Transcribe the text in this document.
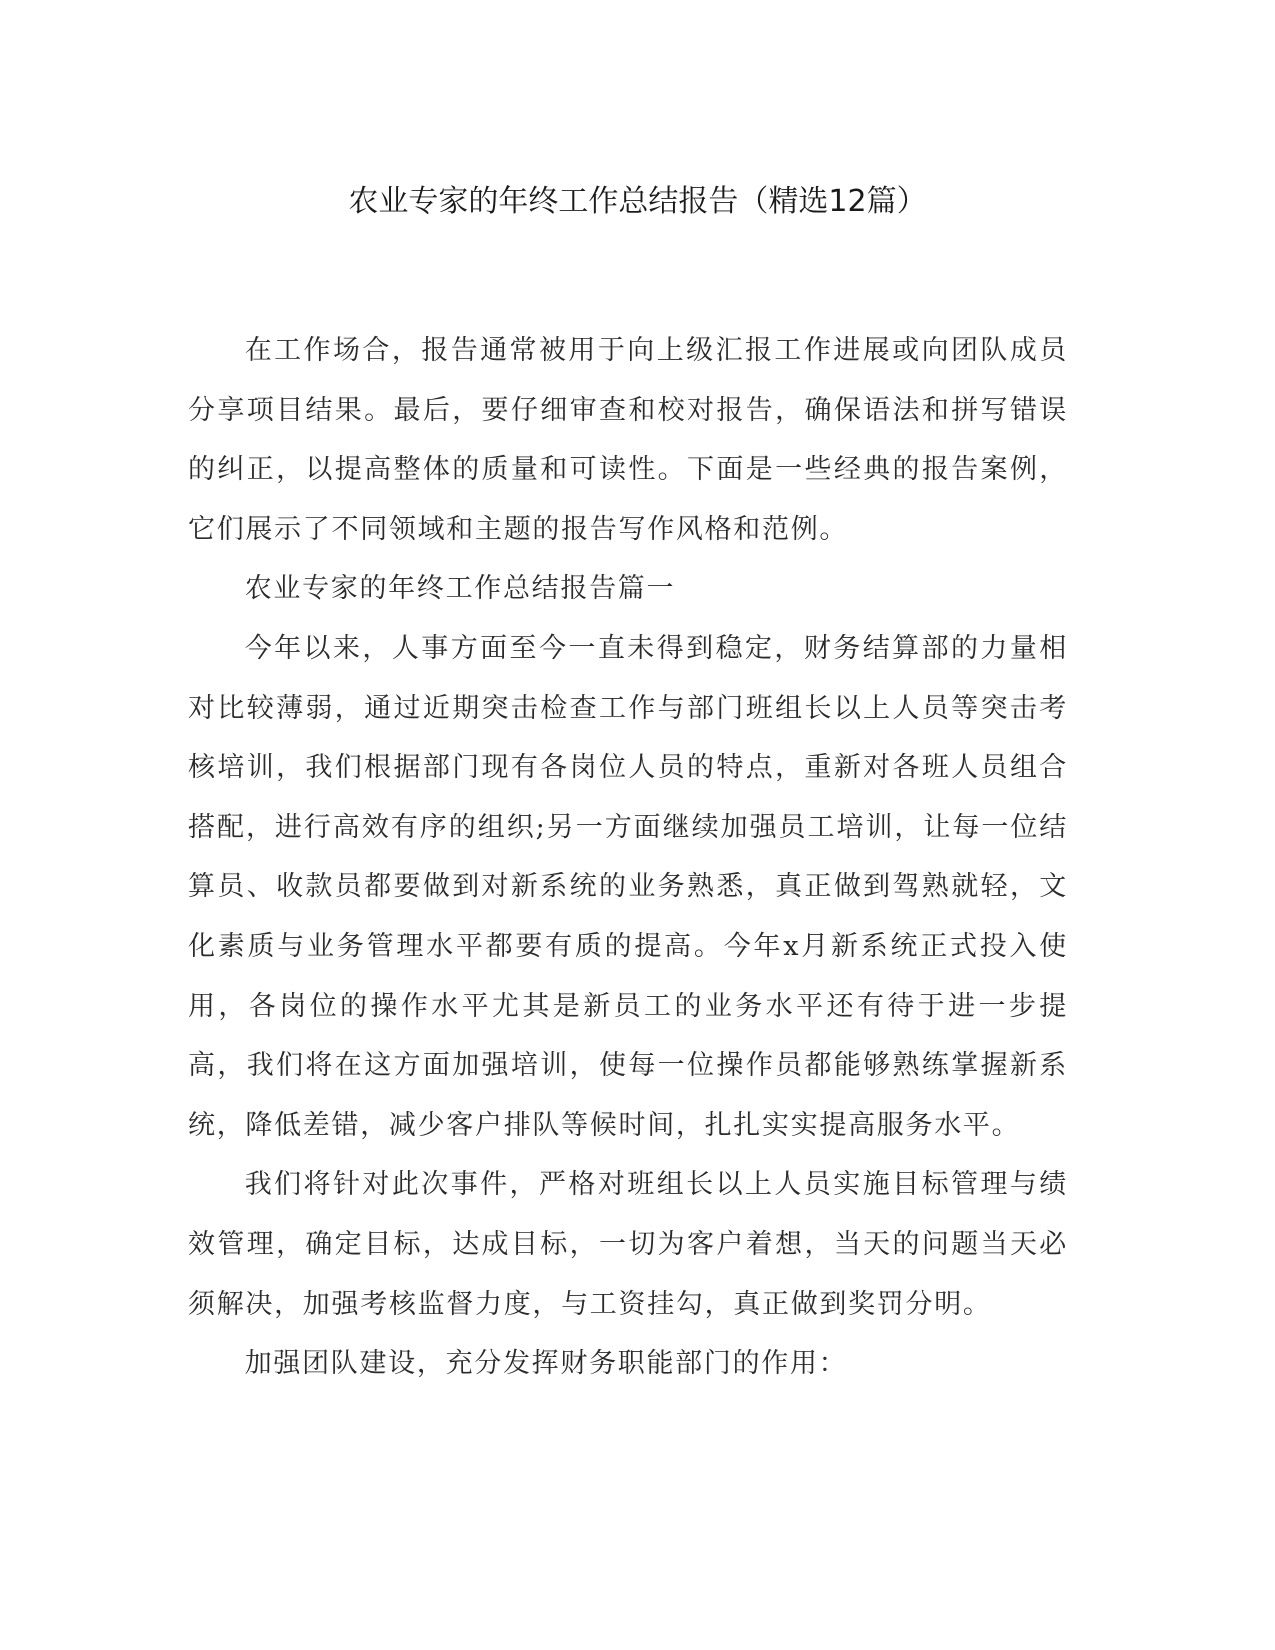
农业专家的年终工作总结报告（精选12篇）

在工作场合，报告通常被用于向上级汇报工作进展或向团队成员分享项目结果。最后，要仔细审查和校对报告，确保语法和拼写错误的纠正，以提高整体的质量和可读性。下面是一些经典的报告案例，它们展示了不同领域和主题的报告写作风格和范例。

农业专家的年终工作总结报告篇一

今年以来，人事方面至今一直未得到稳定，财务结算部的力量相对比较薄弱，通过近期突击检查工作与部门班组长以上人员等突击考核培训，我们根据部门现有各岗位人员的特点，重新对各班人员组合搭配，进行高效有序的组织;另一方面继续加强员工培训，让每一位结算员、收款员都要做到对新系统的业务熟悉，真正做到驾熟就轻，文化素质与业务管理水平都要有质的提高。今年x月新系统正式投入使用，各岗位的操作水平尤其是新员工的业务水平还有待于进一步提高，我们将在这方面加强培训，使每一位操作员都能够熟练掌握新系统，降低差错，减少客户排队等候时间，扎扎实实提高服务水平。

我们将针对此次事件，严格对班组长以上人员实施目标管理与绩效管理，确定目标，达成目标，一切为客户着想，当天的问题当天必须解决，加强考核监督力度，与工资挂勾，真正做到奖罚分明。

加强团队建设，充分发挥财务职能部门的作用：
